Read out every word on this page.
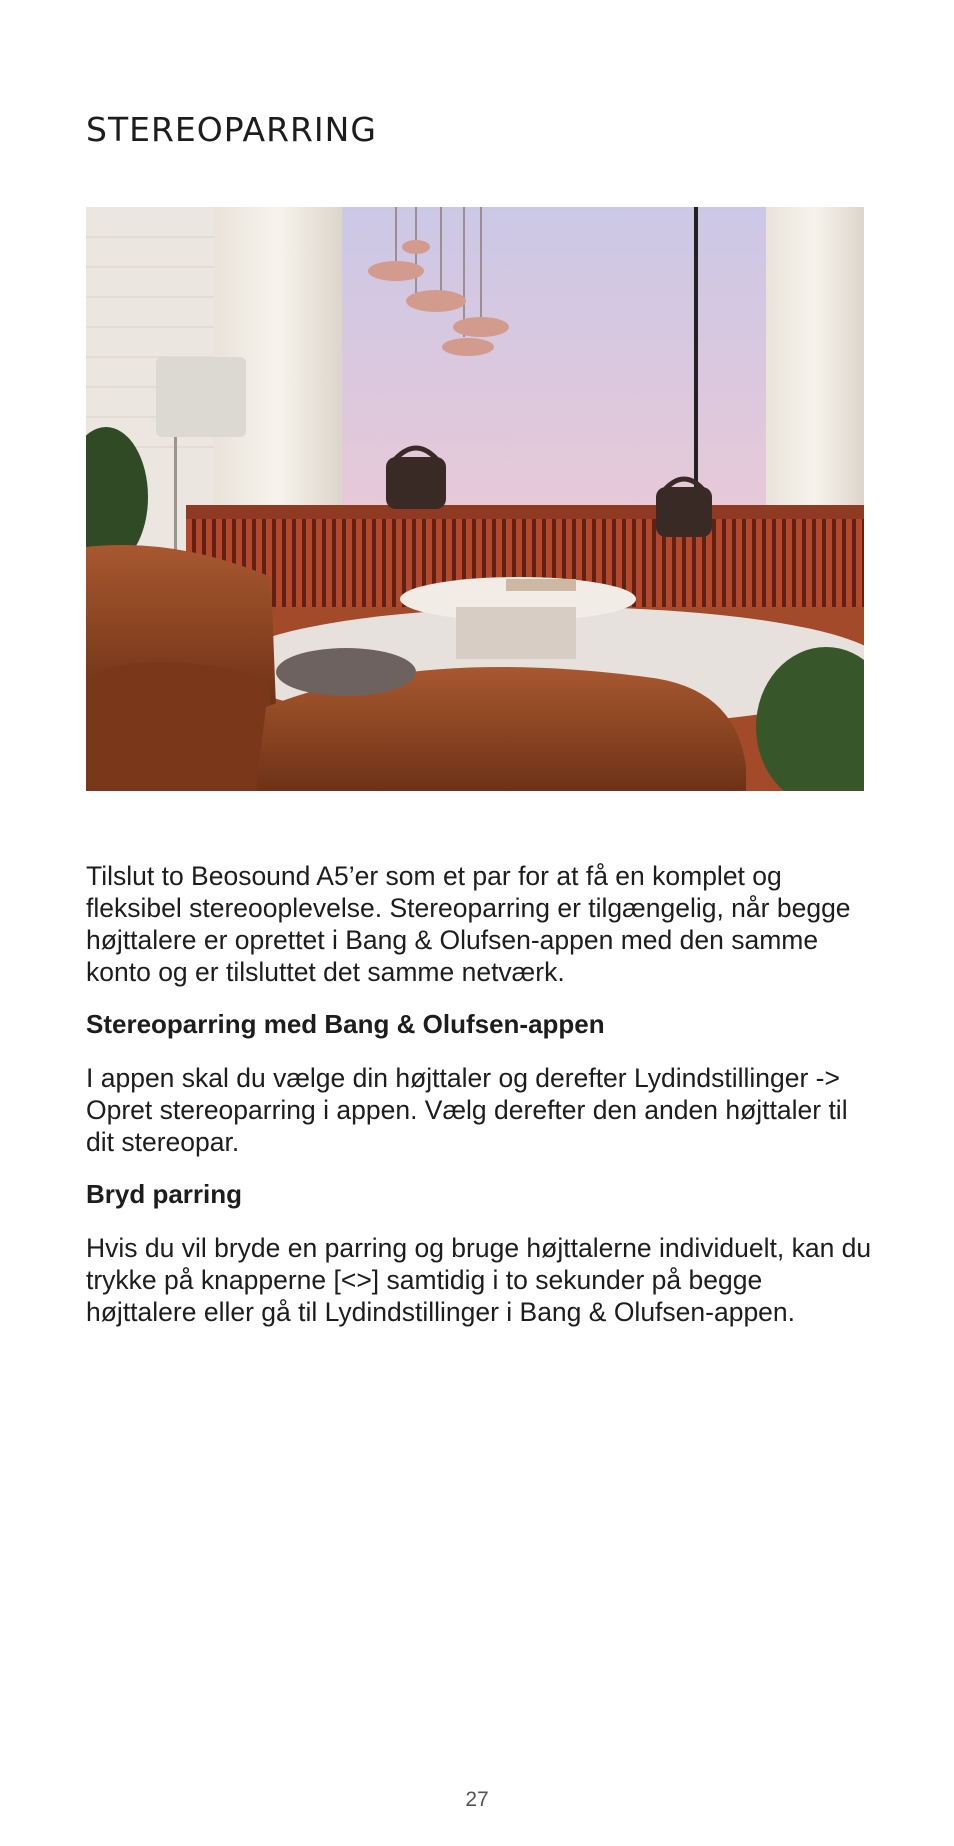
STEREOPARRING

Tilslut to Beosound A5’er som et par for at få en komplet og fleksibel stereooplevelse. Stereoparring er tilgængelig, når begge højttalere er oprettet i Bang & Olufsen-appen med den samme konto og er tilsluttet det samme netværk.

Stereoparring med Bang & Olufsen-appen

I appen skal du vælge din højttaler og derefter Lydindstillinger -> Opret stereoparring i appen. Vælg derefter den anden højttaler til dit stereopar.

Bryd parring

Hvis du vil bryde en parring og bruge højttalerne individuelt, kan du trykke på knapperne [<>] samtidig i to sekunder på begge højttalere eller gå til Lydindstillinger i Bang & Olufsen-appen.

27
